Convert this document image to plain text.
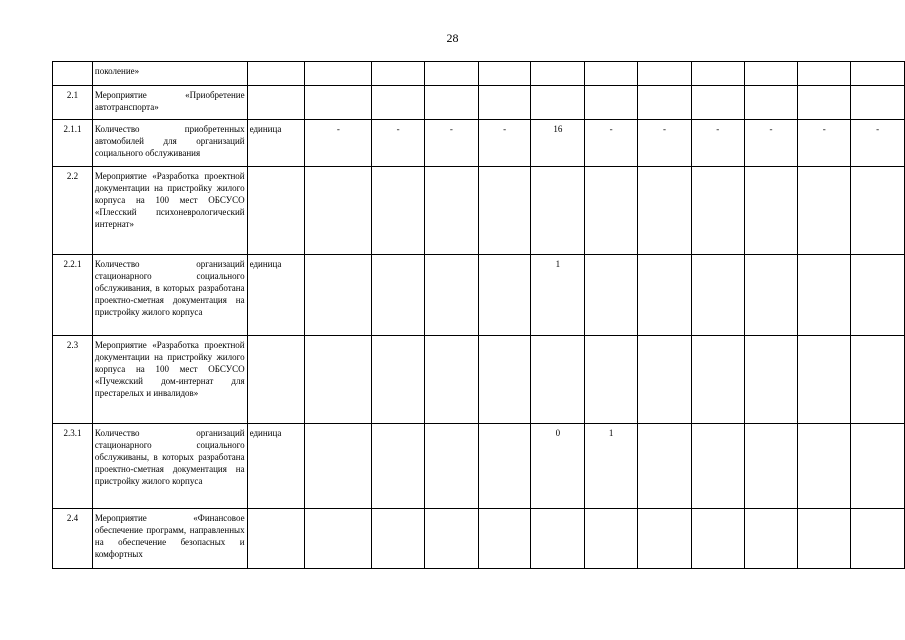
28
	поколение»												
2.1	Мероприятие «Приобретение автотранспорта»												
2.1.1	Количество приобретенных автомобилей для организаций социального обслуживания	единица	-	-	-	-	16	-	-	-	-	-	-
2.2	Мероприятие «Разработка проектной документации на пристройку жилого корпуса на 100 мест ОБСУСО «Плесский психоневрологический интернат»												
2.2.1	Количество организаций стационарного социального обслуживания, в которых разработана проектно-сметная документация на пристройку жилого корпуса	единица					1						
2.3	Мероприятие «Разработка проектной документации на пристройку жилого корпуса на 100 мест ОБСУСО «Пучежский дом-интернат для престарелых и инвалидов»												
2.3.1	Количество организаций стационарного социального обслуживаны, в которых разработана проектно-сметная документация на пристройку жилого корпуса	единица					0	1					
2.4	Мероприятие «Финансовое обеспечение программ, направленных на обеспечение безопасных и комфортных												
